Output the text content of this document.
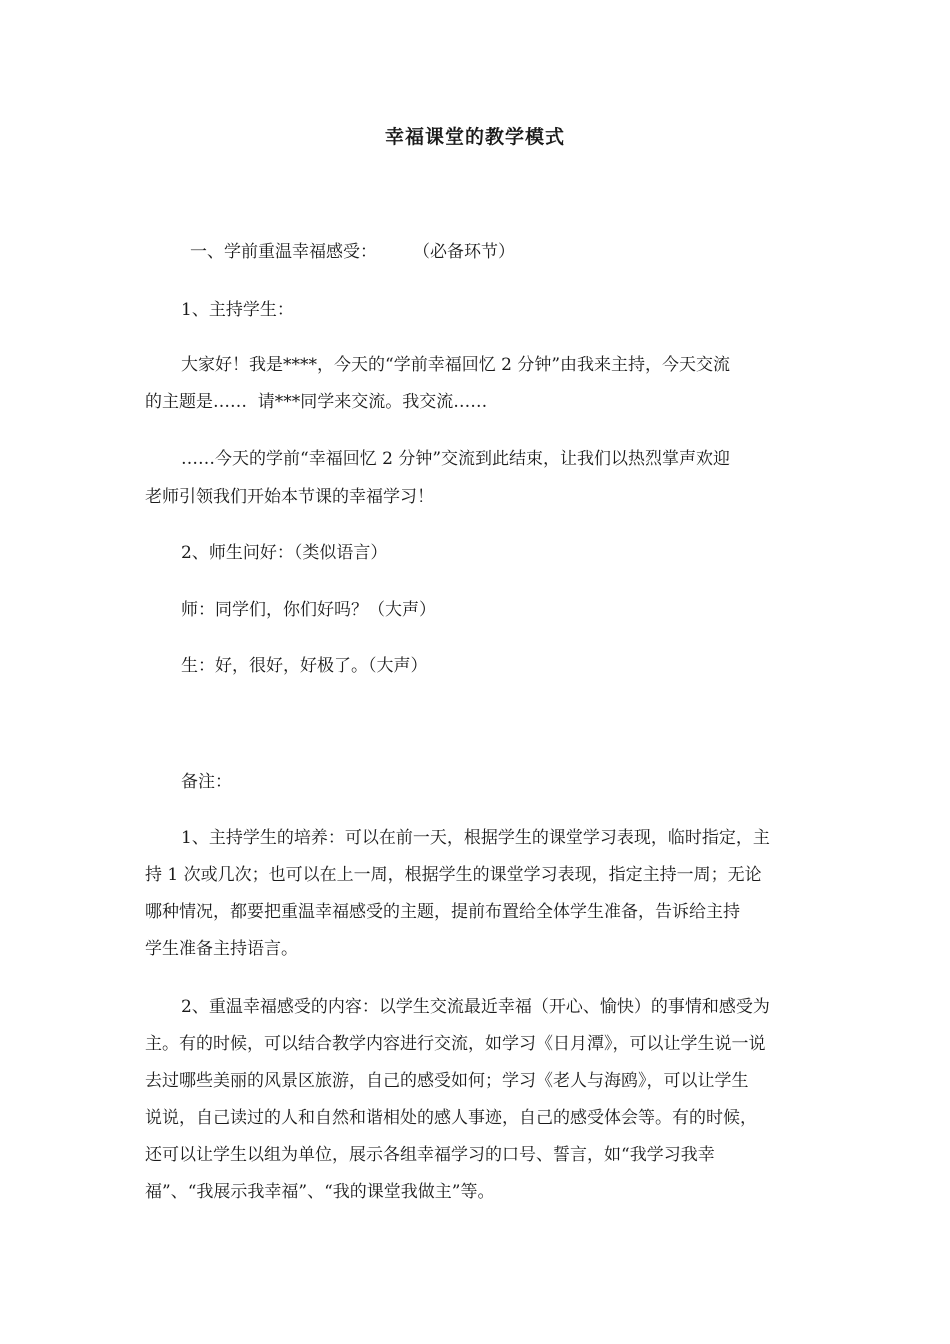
幸福课堂的教学模式
一、学前重温幸福感受： （必备环节）
1、主持学生：
大家好！我是****，今天的“学前幸福回忆 2 分钟”由我来主持，今天交流
的主题是……  请***同学来交流。我交流……
……今天的学前“幸福回忆 2 分钟”交流到此结束，让我们以热烈掌声欢迎
老师引领我们开始本节课的幸福学习！
2、师生问好：（类似语言）
师：同学们，你们好吗？（大声）
生：好，很好，好极了。（大声）
备注：
1、主持学生的培养：可以在前一天，根据学生的课堂学习表现，临时指定，主
持 1 次或几次；也可以在上一周，根据学生的课堂学习表现，指定主持一周；无论
哪种情况，都要把重温幸福感受的主题，提前布置给全体学生准备，告诉给主持
学生准备主持语言。
2、重温幸福感受的内容：以学生交流最近幸福（开心、愉快）的事情和感受为
主。有的时候，可以结合教学内容进行交流，如学习《日月潭》，可以让学生说一说
去过哪些美丽的风景区旅游，自己的感受如何；学习《老人与海鸥》，可以让学生
说说，自己读过的人和自然和谐相处的感人事迹，自己的感受体会等。有的时候，
还可以让学生以组为单位，展示各组幸福学习的口号、誓言，如“我学习我幸
福”、“我展示我幸福”、“我的课堂我做主”等。
